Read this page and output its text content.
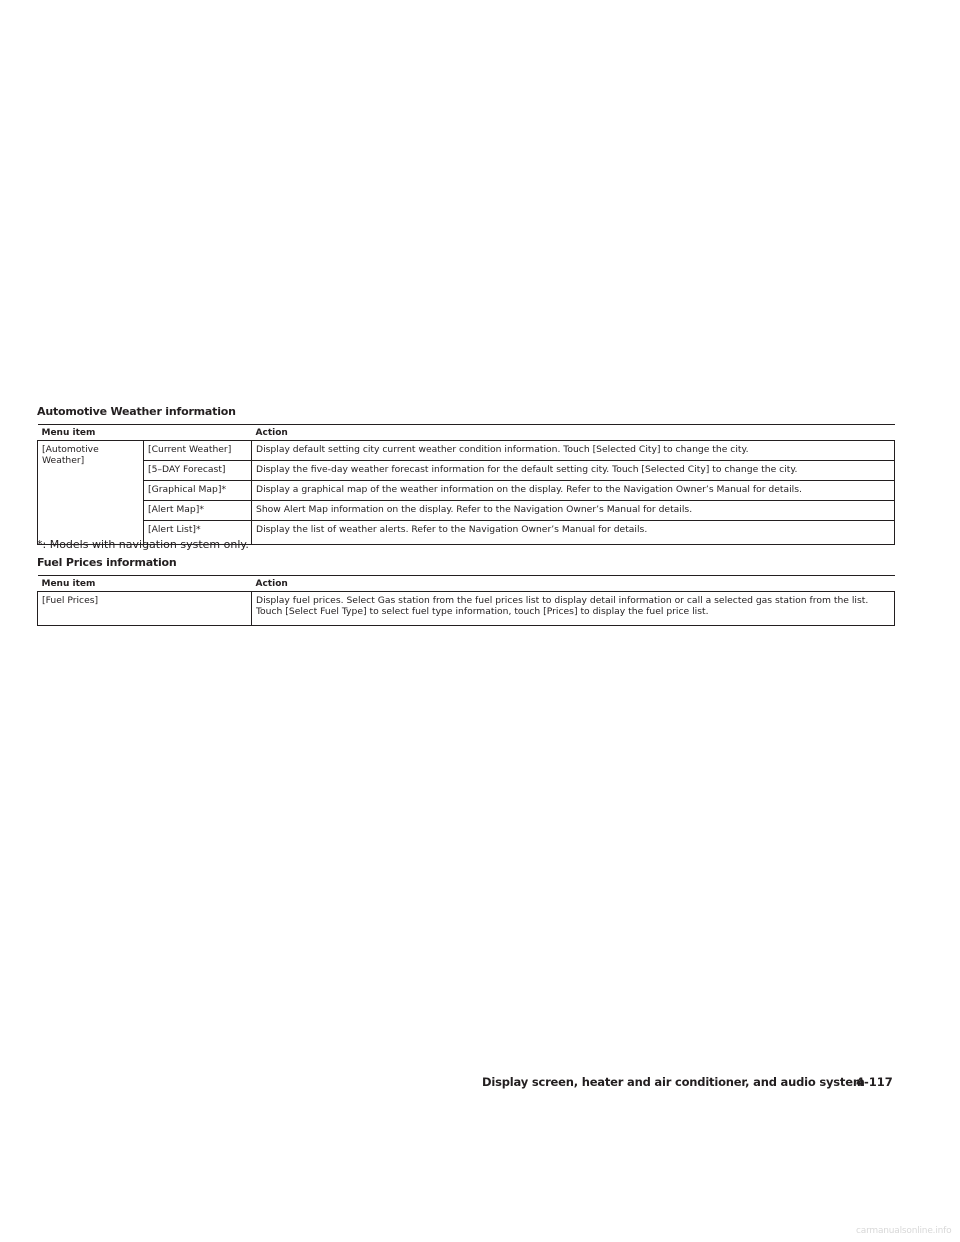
Automotive Weather information
Menu item		Action
[Automotive
Weather]	[Current Weather]	Display default setting city current weather condition information. Touch [Selected City] to change the city.
	[5–DAY Forecast]	Display the five-day weather forecast information for the default setting city. Touch [Selected City] to change the city.
	[Graphical Map]*	Display a graphical map of the weather information on the display. Refer to the Navigation Owner’s Manual for details.
	[Alert Map]*	Show Alert Map information on the display. Refer to the Navigation Owner’s Manual for details.
	[Alert List]*	Display the list of weather alerts. Refer to the Navigation Owner’s Manual for details.

*: Models with navigation system only.

Fuel Prices information
Menu item	Action
[Fuel Prices]	Display fuel prices. Select Gas station from the fuel prices list to display detail information or call a selected gas station from the list.
Touch [Select Fuel Type] to select fuel type information, touch [Prices] to display the fuel price list.
Display screen, heater and air conditioner, and audio system
4-117
carmanualsonline.info
